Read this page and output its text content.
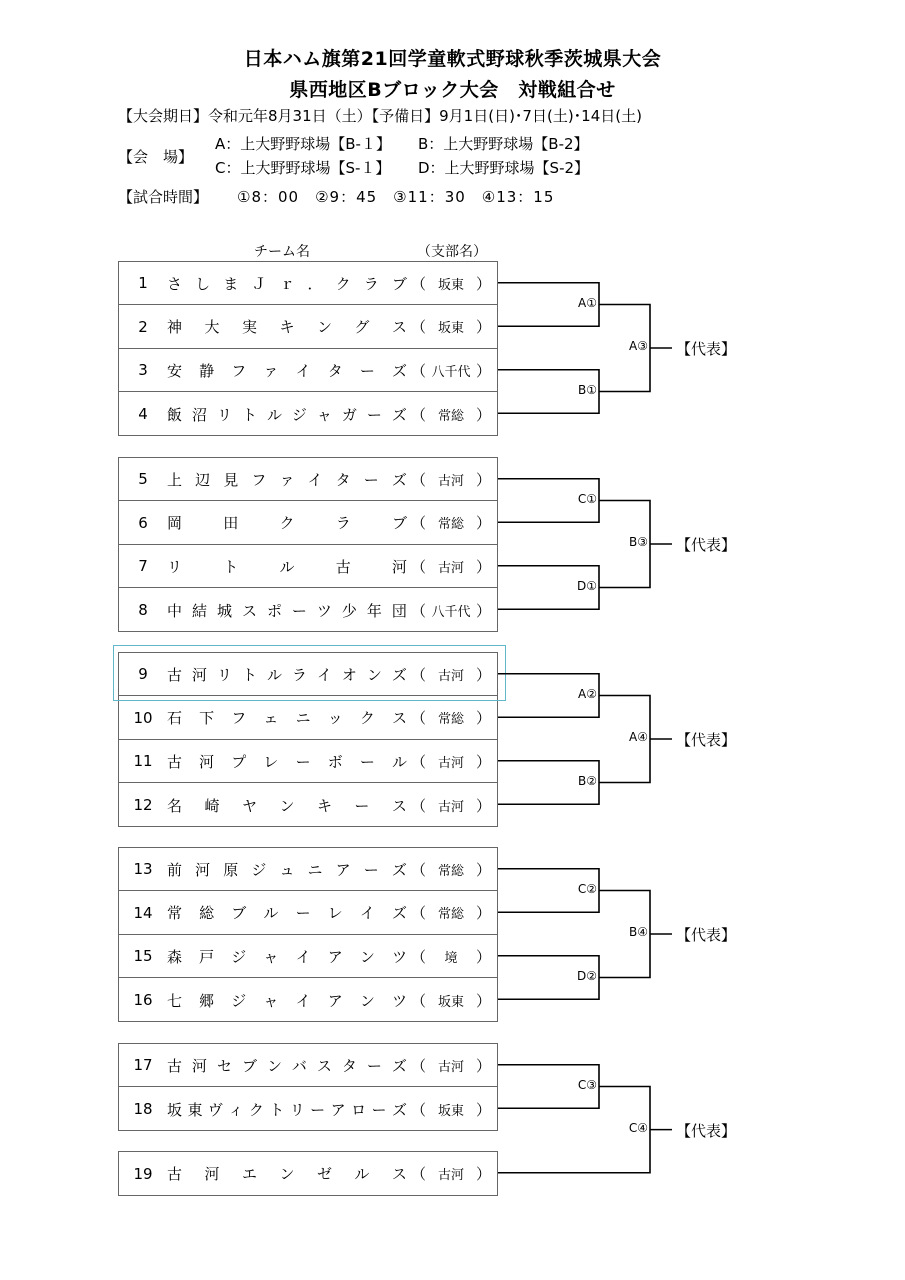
日本ハム旗第21回学童軟式野球秋季茨城県大会
県西地区Bブロック大会　対戦組合せ
【大会期日】令和元年8月31日（土）【予備日】9月1日(日)･7日(土)･14日(土)
【会　 場】
A：上大野野球場【B-１】 B：上大野野球場【B-2】
C：上大野野球場【S-１】 D：上大野野球場【S-2】
【試合時間】 ①8：00　②9：45　③11：30　④13：15
チーム名	（支部名）
1	さ し ま Ｊ ｒ ． ク ラ ブ （ 坂東 ）
2	神 大 実 キ ン グ ス （ 坂東 ）
3	安 静 フ ァ イ タ ー ズ （ 八千代 ）
4	飯 沼 リ ト ル ジ ャ ガ ー ズ （ 常総 ）
5	上 辺 見 フ ァ イ タ ー ズ （ 古河 ）
6	岡	田	ク	ラ	ブ （ 常総 ）
7	リ	ト	ル	古	河 （ 古河 ）
8	中 結 城 ス ポ ー ツ 少 年 団 （ 八千代 ）
9	古 河 リ ト ル ラ イ オ ン ズ （ 古河 ）
10 石 下 フ ェ ニ ッ ク ス （ 常総 ）
11 古 河 プ レ ー ボ ー ル （ 古河 ）
12 名 崎 ヤ ン キ ー ス （ 古河 ）
13 前 河 原 ジ ュ ニ ア ー ズ （ 常総 ）
14 常 総 ブ ル ー レ イ ズ （ 常総 ）
15 森 戸 ジ ャ イ ア ン ツ （ 境 ）
16 七 郷 ジ ャ イ ア ン ツ （ 坂東 ）
17 古 河 セ ブ ン バ ス タ ー ズ （ 古河 ）
18 坂 東 ヴ ィ ク ト リ ー ア ロ ー ズ （ 坂東 ）
19 古 河 エ ン ゼ ル ス （ 古河 ）
A①
B①
A③ 【代表】
C①
D①
B③ 【代表】
A②
B②
A④ 【代表】
C②
D②
B④ 【代表】
C③
C④ 【代表】
